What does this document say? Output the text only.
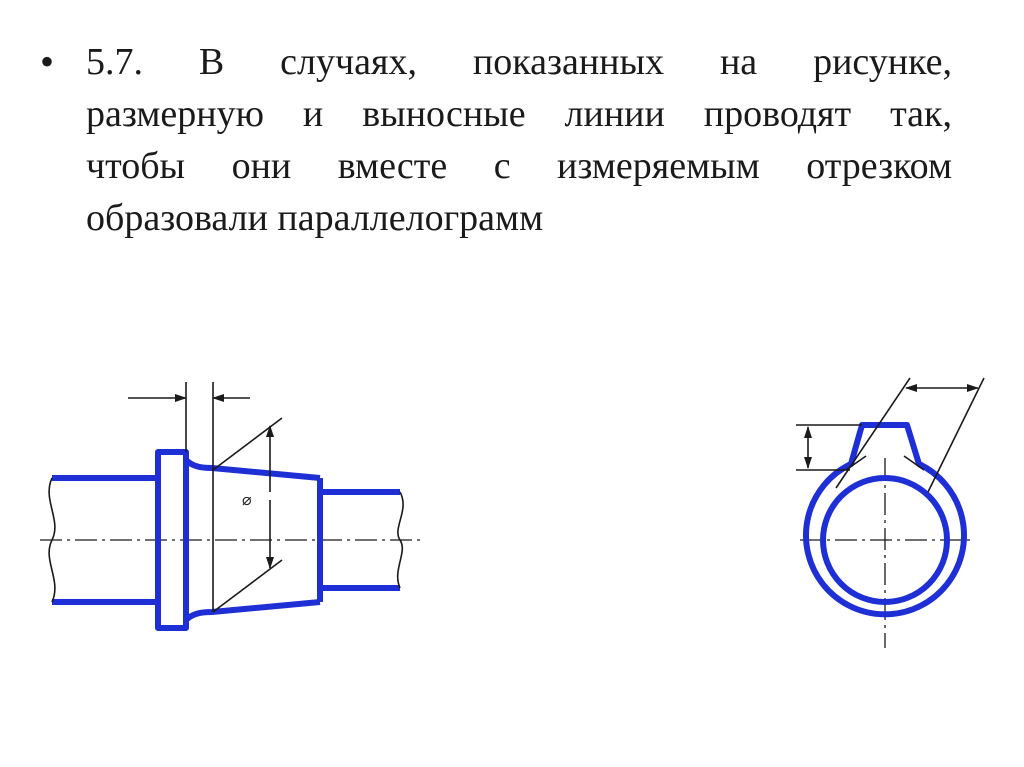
• 5.7. В случаях, показанных на рисунке,
размерную и выносные линии проводят так,
чтобы они вместе с измеряемым отрезком
образовали параллелограмм

⌀
